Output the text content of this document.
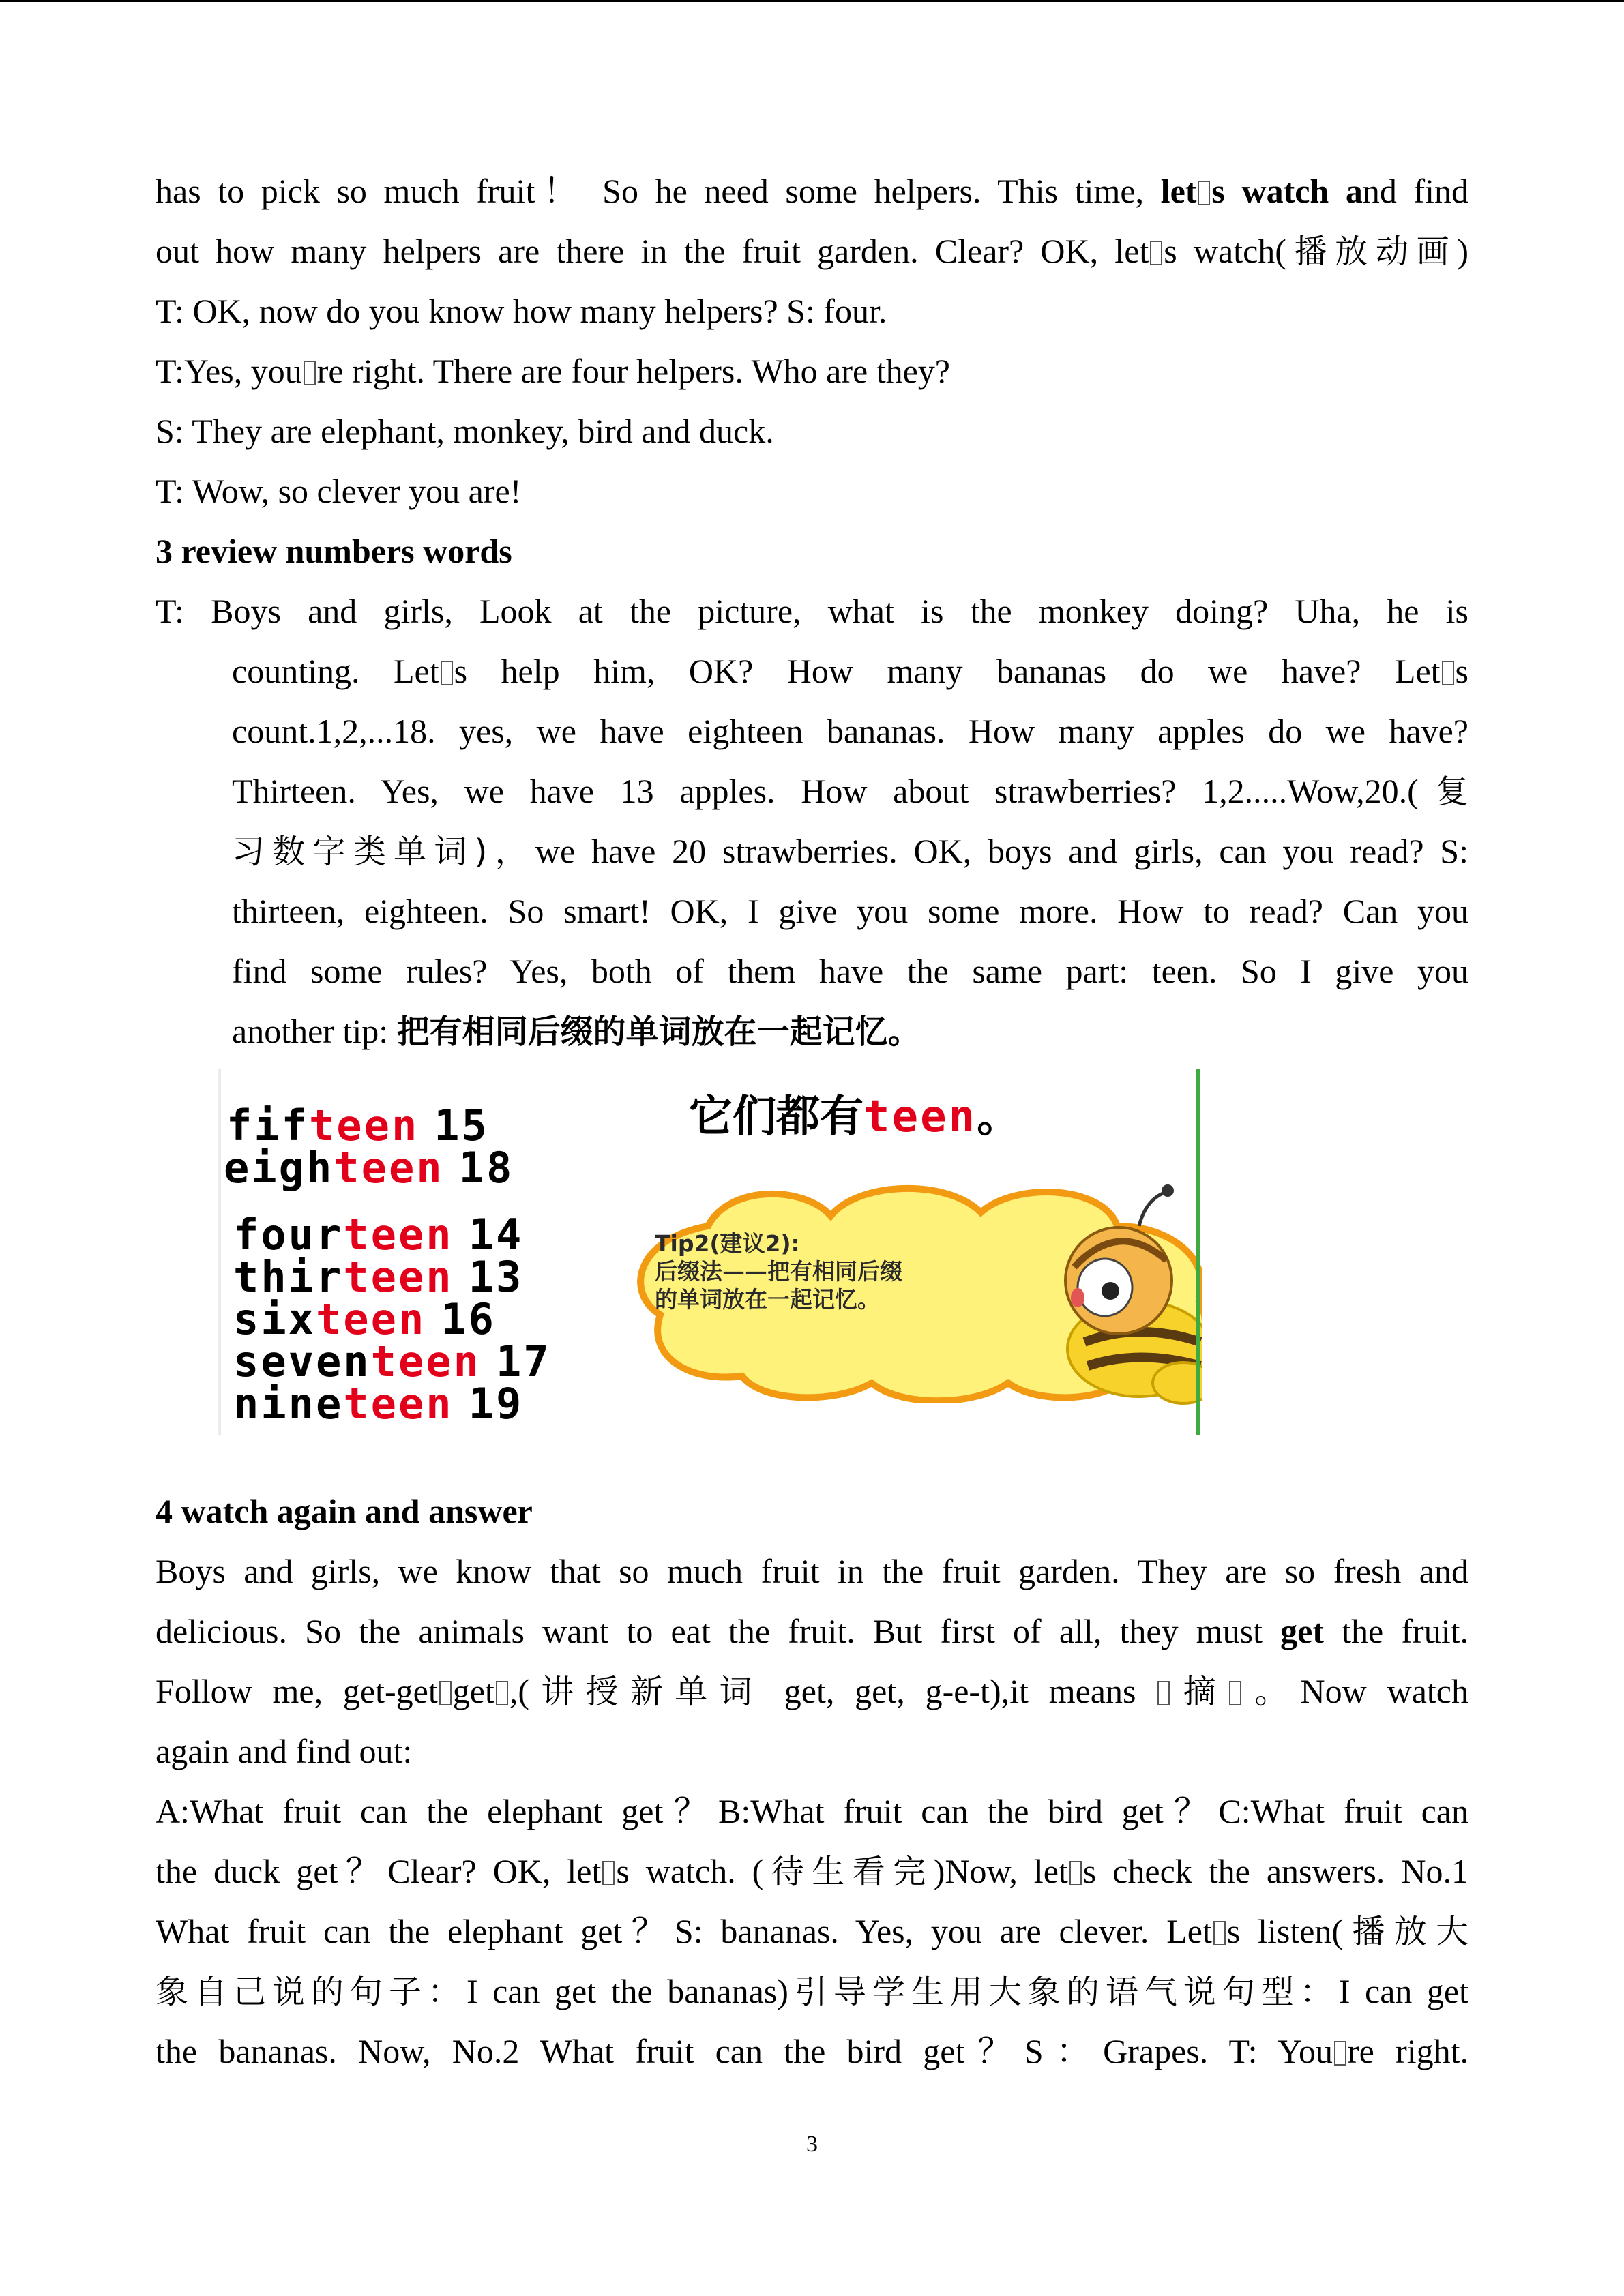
has to pick so much fruit！ So he need some helpers. This time, let s watch and find
out how many helpers are there in the fruit garden. Clear? OK, let s watch(播放动画)
T: OK, now do you know how many helpers? S: four.
T:Yes, you re right. There are four helpers. Who are they?
S: They are elephant, monkey, bird and duck.
T: Wow, so clever you are!
3 review numbers words
T: Boys and girls, Look at the picture, what is the monkey doing? Uha, he is
counting. Let s help him, OK? How many bananas do we have? Let s
count.1,2,...18. yes, we have eighteen bananas. How many apples do we have?
Thirteen. Yes, we have 13 apples. How about strawberries? 1,2.....Wow,20.(复
习数字类单词)，we have 20 strawberries. OK, boys and girls, can you read? S:
thirteen, eighteen. So smart! OK, I give you some more. How to read? Can you
find some rules? Yes, both of them have the same part: teen. So I give you
another tip: 把有相同后缀的单词放在一起记忆。
它们都有teen。
fifteen 15
eighteen 18
fourteen 14
thirteen 13
sixteen 16
seventeen 17
nineteen 19
Tip2(建议2):
后缀法——把有相同后缀
的单词放在一起记忆。
4 watch again and answer
Boys and girls, we know that so much fruit in the fruit garden. They are so fresh and
delicious. So the animals want to eat the fruit. But first of all, they must get the fruit.
Follow me, get-get get ,(讲授新单词 get, get, g-e-t),it means 摘 。Now watch
again and find out:
A:What fruit can the elephant get？B:What fruit can the bird get？C:What fruit can
the duck get？Clear? OK, let s watch. (待生看完)Now, let s check the answers. No.1
What fruit can the elephant get？S: bananas. Yes, you are clever. Let s listen(播放大
象自己说的句子：I can get the bananas)引导学生用大象的语气说句型：I can get
the bananas. Now, No.2 What fruit can the bird get？S：Grapes. T: You re right.
3
